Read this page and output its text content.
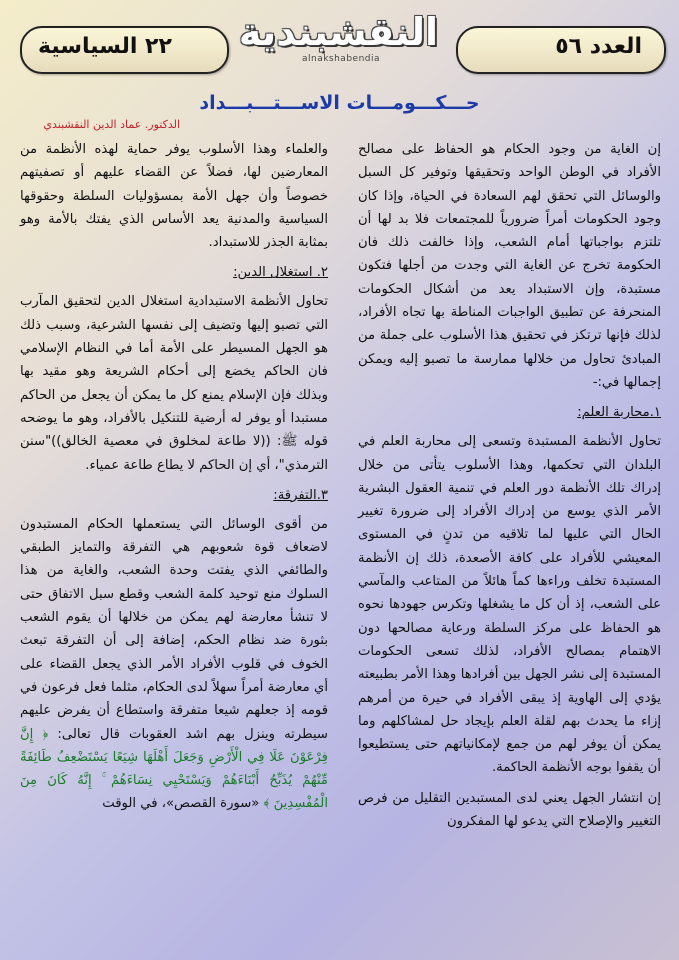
٢٢ السياسية النقشبندية
alnakshabendia	العدد ٥٦
حـــكـــومـــات الاســـتـــبـــداد
الدكتور. عماد الدين النقشبندي

إن الغاية من وجود الحكام هو الحفاظ على مصالح الأفراد في الوطن الواحد وتحقيقها وتوفير كل السبل والوسائل التي تحقق لهم السعادة في الحياة، وإذا كان وجود الحكومات أمراً ضرورياً للمجتمعات فلا بد لها أن تلتزم بواجباتها أمام الشعب، وإذا خالفت ذلك فان الحكومة تخرج عن الغاية التي وجدت من أجلها فتكون مستبدة، وإن الاستبداد يعد من أشكال الحكومات المنحرفة عن تطبيق الواجبات المناطة بها تجاه الأفراد، لذلك فإنها ترتكز في تحقيق هذا الأسلوب على جملة من المبادئ تحاول من خلالها ممارسة ما تصبو إليه ويمكن إجمالها في:-

١.محاربة العلم:

تحاول الأنظمة المستبدة وتسعى إلى محاربة العلم في البلدان التي تحكمها، وهذا الأسلوب يتأتى من خلال إدراك تلك الأنظمة دور العلم في تنمية العقول البشرية الأمر الذي يوسع من إدراك الأفراد إلى ضرورة تغيير الحال التي عليها لما تلاقيه من تدنٍ في المستوى المعيشي للأفراد على كافة الأصعدة، ذلك إن الأنظمة المستبدة تخلف وراءها كماً هائلاً من المتاعب والمآسي على الشعب، إذ أن كل ما يشغلها وتكرس جهودها نحوه هو الحفاظ على مركز السلطة ورعاية مصالحها دون الاهتمام بمصالح الأفراد، لذلك تسعى الحكومات المستبدة إلى نشر الجهل بين أفرادها وهذا الأمر بطبيعته يؤدي إلى الهاوية إذ يبقى الأفراد في حيرة من أمرهم إزاء ما يحدث بهم لقلة العلم بإيجاد حل لمشاكلهم وما يمكن أن يوفر لهم من جمع لإمكانياتهم حتى يستطيعوا أن يقفوا بوجه الأنظمة الحاكمة.

إن انتشار الجهل يعني لدى المستبدين التقليل من فرص التغيير والإصلاح التي يدعو لها المفكرون

والعلماء وهذا الأسلوب يوفر حماية لهذه الأنظمة من المعارضين لها، فضلاً عن القضاء عليهم أو تصفيتهم خصوصاً وأن جهل الأمة بمسؤوليات السلطة وحقوقها السياسية والمدنية يعد الأساس الذي يفتك بالأمة وهو بمثابة الجذر للاستبداد.

٢. استغلال الدين:

تحاول الأنظمة الاستبدادية استغلال الدين لتحقيق المآرب التي تصبو إليها وتضيف إلى نفسها الشرعية، وسبب ذلك هو الجهل المسيطر على الأمة أما في النظام الإسلامي فان الحاكم يخضع إلى أحكام الشريعة وهو مقيد بها وبذلك فإن الإسلام يمنع كل ما يمكن أن يجعل من الحاكم مستبدا أو يوفر له أرضية للتنكيل بالأفراد، وهو ما يوضحه قوله ﷺ: ((لا طاعة لمخلوق في معصية الخالق))"سنن الترمذي"، أي إن الحاكم لا يطاع طاعة عمياء.

٣.التفرقة:

من أقوى الوسائل التي يستعملها الحكام المستبدون لاضعاف قوة شعوبهم هي التفرقة والتمايز الطبقي والطائفي الذي يفتت وحدة الشعب، والغاية من هذا السلوك منع توحيد كلمة الشعب وقطع سبل الاتفاق حتى لا تنشأ معارضة لهم يمكن من خلالها أن يقوم الشعب بثورة ضد نظام الحكم، إضافة إلى أن التفرقة تبعث الخوف في قلوب الأفراد الأمر الذي يجعل القضاء على أي معارضة أمراً سهلاً لدى الحكام، مثلما فعل فرعون في قومه إذ جعلهم شيعا متفرقة واستطاع أن يفرض عليهم سيطرته وينزل بهم اشد العقوبات قال تعالى: ﴿ إِنَّ فِرْعَوْنَ عَلَا فِي الْأَرْضِ وَجَعَلَ أَهْلَهَا شِيَعًا يَسْتَضْعِفُ طَائِفَةً مِّنْهُمْ يُذَبِّحُ أَبْنَاءَهُمْ وَيَسْتَحْيِي نِسَاءَهُمْ ۚ إِنَّهُ كَانَ مِنَ الْمُفْسِدِينَ ﴾ «سورة القصص»، في الوقت
